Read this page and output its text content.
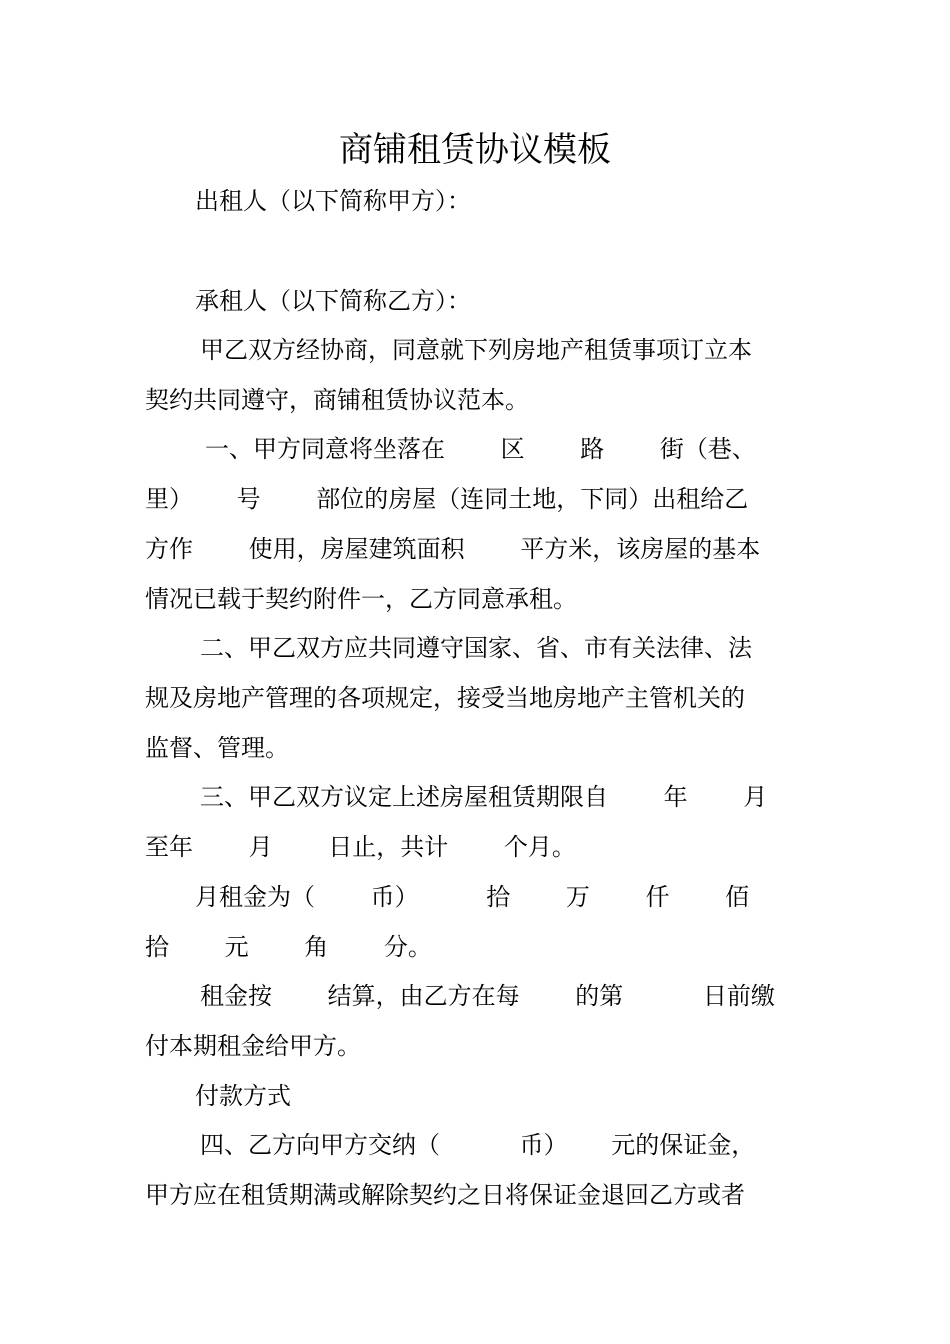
商铺租赁协议模板

出租人（以下简称甲方）：

承租人（以下简称乙方）：

甲乙双方经协商，同意就下列房地产租赁事项订立本

契约共同遵守，商铺租赁协议范本。

一、甲方同意将坐落在　　 区　　 路　　 街（巷、

里）　　 号　　 部位的房屋（连同土地，下同）出租给乙

方作　　 使用，房屋建筑面积　　 平方米，该房屋的基本

情况已载于契约附件一，乙方同意承租。

二、甲乙双方应共同遵守国家、省、市有关法律、法

规及房地产管理的各项规定，接受当地房地产主管机关的

监督、管理。

三、甲乙双方议定上述房屋租赁期限自　　 年　　 月

至年　　 月　　 日止，共计　　 个月。

月租金为（　　 币）　　　 拾　　 万　　 仟　　 佰

拾　　 元　　 角　　 分。

租金按　　 结算，由乙方在每　　 的第　　　 日前缴

付本期租金给甲方。

付款方式

四、乙方向甲方交纳（　　　 币）　　 元的保证金，

甲方应在租赁期满或解除契约之日将保证金退回乙方或者
